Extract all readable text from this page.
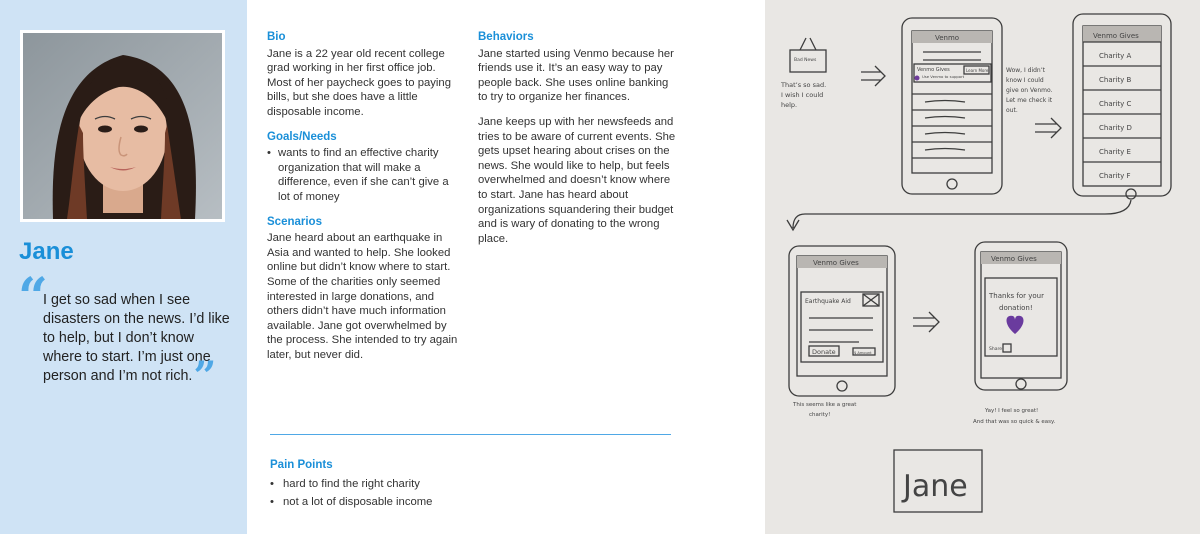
Jane
“

I get so sad when I see disasters on the news. I’d like to help, but I don’t know where to start. I’m just one person and I’m not rich.”

Bio

Jane is a 22 year old recent college grad working in her first office job. Most of her paycheck goes to paying bills, but she does have a little disposable income.

Goals/Needs
• wants to find an effective charity organization that will make a difference, even if she can’t give a lot of money
Scenarios

Jane heard about an earthquake in Asia and wanted to help. She looked online but didn’t know where to start. Some of the charities only seemed interested in large donations, and others didn’t have much information available. Jane got overwhelmed by the process. She intended to try again later, but never did.

Behaviors

Jane started using Venmo because her friends use it. It’s an easy way to pay people back. She uses online banking to try to organize her finances.

Jane keeps up with her newsfeeds and tries to be aware of current events. She gets upset hearing about crises on the news. She would like to help, but feels overwhelmed and doesn’t know where to start. Jane has heard about organizations squandering their budget and is wary of donating to the wrong place.

Pain Points
• hard to find the right charity
• not a lot of disposable income
Bad News
That’s so sad.
I wish I could
help.
Venmo
Venmo Gives
Use Venmo to support
Learn More	Wow, I didn’t
know I could
give on Venmo.
Let me check it
out.
Venmo Gives
Charity A
Charity B
Charity C
Charity D
Charity E
Charity F
Venmo Gives
Earthquake Aid
Donate	$ Amount
This seems like a great
charity!
Venmo Gives
Thanks for your
donation!
Share
Yay! I feel so great!
And that was so quick & easy.
Jane
